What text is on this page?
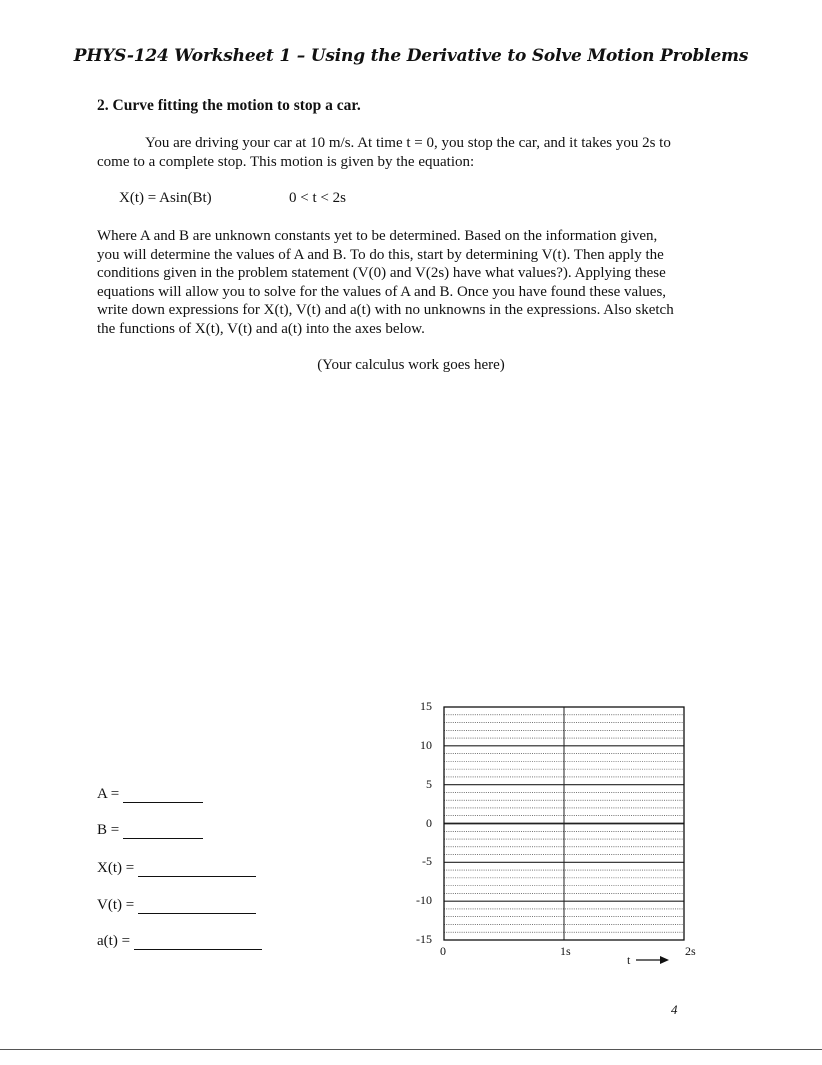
PHYS-124 Worksheet 1 – Using the Derivative to Solve Motion Problems
2. Curve fitting the motion to stop a car.
You are driving your car at 10 m/s. At time t = 0, you stop the car, and it takes you 2s to
come to a complete stop. This motion is given by the equation:
X(t) = Asin(Bt)	0 < t < 2s
Where A and B are unknown constants yet to be determined. Based on the information given,
you will determine the values of A and B. To do this, start by determining V(t). Then apply the
conditions given in the problem statement (V(0) and V(2s) have what values?). Applying these
equations will allow you to solve for the values of A and B. Once you have found these values,
write down expressions for X(t), V(t) and a(t) with no unknowns in the expressions. Also sketch
the functions of X(t), V(t) and a(t) into the axes below.
(Your calculus work goes here)
A =
B =
X(t) =
V(t) =
a(t) =
15
10
5
0
-5
-10
-15
0	1s	2s
t
4
